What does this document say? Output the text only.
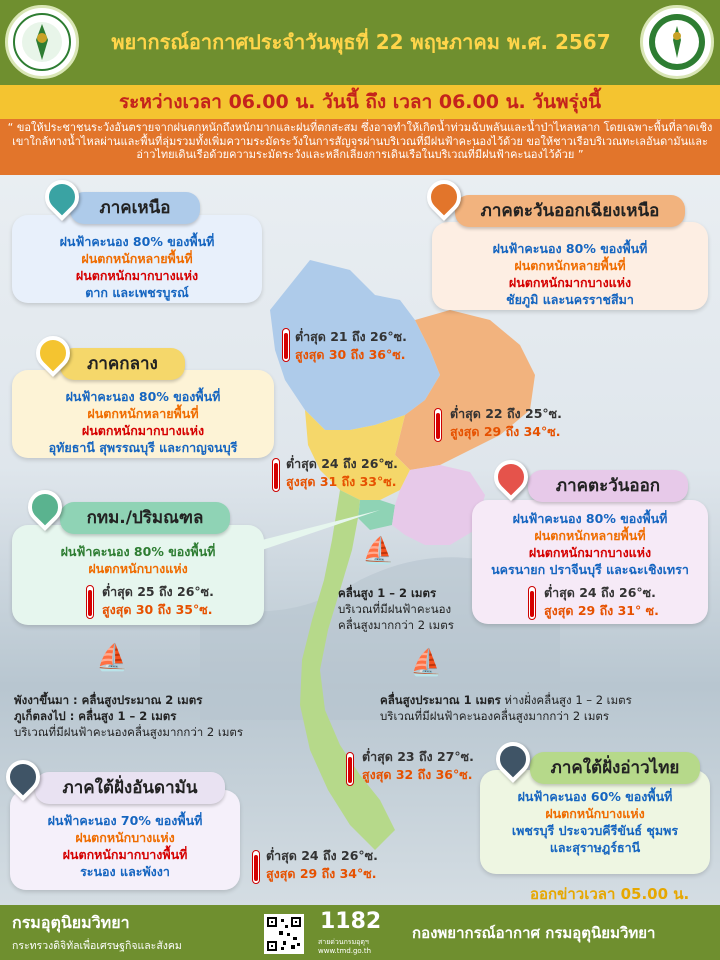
พยากรณ์อากาศประจำวันพุธที่ 22 พฤษภาคม พ.ศ. 2567
ระหว่างเวลา 06.00 น. วันนี้ ถึง เวลา 06.00 น. วันพรุ่งนี้
“ ขอให้ประชาชนระวังอันตรายจากฝนตกหนักถึงหนักมากและฝนที่ตกสะสม ซึ่งอาจทำให้เกิดน้ำท่วมฉับพลันและน้ำป่าไหลหลาก โดยเฉพาะพื้นที่ลาดเชิงเขาใกล้ทางน้ำไหลผ่านและพื้นที่ลุ่มรวมทั้งเพิ่มความระมัดระวังในการสัญจรผ่านบริเวณที่มีฝนฟ้าคะนองไว้ด้วย ขอให้ชาวเรือบริเวณทะเลอันดามันและอ่าวไทยเดินเรือด้วยความระมัดระวังและหลีกเลี่ยงการเดินเรือในบริเวณที่มีฝนฟ้าคะนองไว้ด้วย ”
ฝนฟ้าคะนอง 80% ของพื้นที่
ฝนตกหนักหลายพื้นที่
ฝนตกหนักมากบางแห่ง
ตาก และเพชรบูรณ์
ภาคเหนือ
ต่ำสุด 21 ถึง 26°ซ.
สูงสุด 30 ถึง 36°ซ.
ฝนฟ้าคะนอง 80% ของพื้นที่
ฝนตกหนักหลายพื้นที่
ฝนตกหนักมากบางแห่ง
ชัยภูมิ และนครราชสีมา
ภาคตะวันออกเฉียงเหนือ
ต่ำสุด 22 ถึง 25°ซ.
สูงสุด 29 ถึง 34°ซ.
ฝนฟ้าคะนอง 80% ของพื้นที่
ฝนตกหนักหลายพื้นที่
ฝนตกหนักมากบางแห่ง
อุทัยธานี สุพรรณบุรี และกาญจนบุรี
ภาคกลาง
ต่ำสุด 24 ถึง 26°ซ.
สูงสุด 31 ถึง 33°ซ.
ฝนฟ้าคะนอง 80% ของพื้นที่
ฝนตกหนักหลายพื้นที่
ฝนตกหนักมากบางแห่ง
นครนายก ปราจีนบุรี และฉะเชิงเทรา
ภาคตะวันออก
ต่ำสุด 24 ถึง 26°ซ.
สูงสุด 29 ถึง 31° ซ.
ฝนฟ้าคะนอง 80% ของพื้นที่
ฝนตกหนักบางแห่ง
กทม./ปริมณฑล
ต่ำสุด 25 ถึง 26°ซ.
สูงสุด 30 ถึง 35°ซ.
⛵
คลื่นสูง 1 – 2 เมตร
บริเวณที่มีฝนฟ้าคะนอง
คลื่นสูงมากกว่า 2 เมตร
⛵
พังงาขึ้นมา : คลื่นสูงประมาณ 2 เมตร
ภูเก็ตลงไป : คลื่นสูง 1 – 2 เมตร
บริเวณที่มีฝนฟ้าคะนองคลื่นสูงมากกว่า 2 เมตร
⛵
คลื่นสูงประมาณ 1 เมตร ห่างฝั่งคลื่นสูง 1 – 2 เมตร
บริเวณที่มีฝนฟ้าคะนองคลื่นสูงมากกว่า 2 เมตร
ฝนฟ้าคะนอง 70% ของพื้นที่
ฝนตกหนักบางแห่ง
ฝนตกหนักมากบางพื้นที่
ระนอง และพังงา
ภาคใต้ฝั่งอันดามัน
ต่ำสุด 24 ถึง 26°ซ.
สูงสุด 29 ถึง 34°ซ.
ฝนฟ้าคะนอง 60% ของพื้นที่
ฝนตกหนักบางแห่ง
เพชรบุรี ประจวบคีรีขันธ์ ชุมพร
และสุราษฎร์ธานี
ภาคใต้ฝั่งอ่าวไทย
ต่ำสุด 23 ถึง 27°ซ.
สูงสุด 32 ถึง 36°ซ.
ออกข่าวเวลา 05.00 น.
กรมอุตุนิยมวิทยา
กระทรวงดิจิทัลเพื่อเศรษฐกิจและสังคม
1182
สายด่วนกรมอุตุฯ
www.tmd.go.th
กองพยากรณ์อากาศ กรมอุตุนิยมวิทยา
